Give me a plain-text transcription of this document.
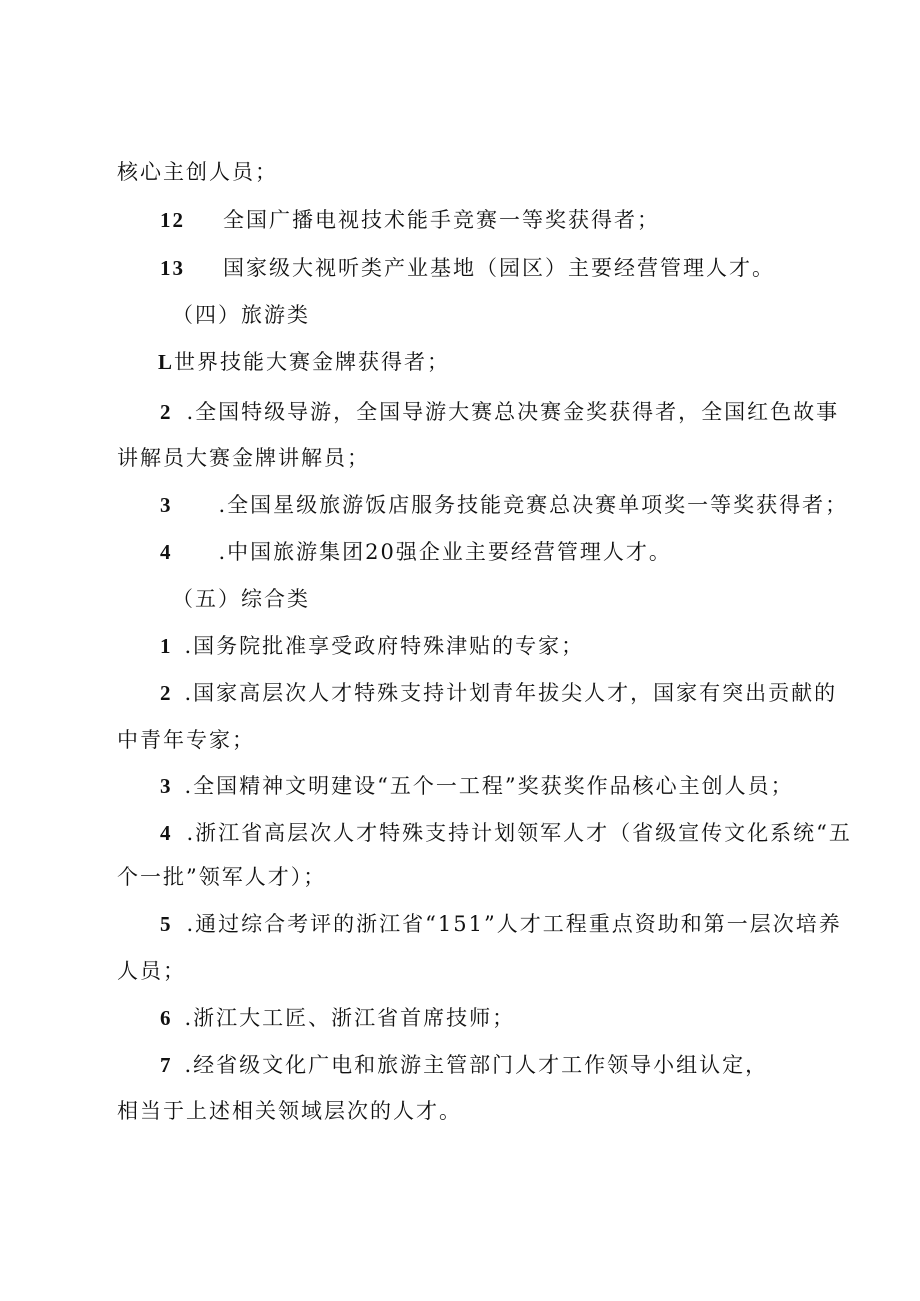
核心主创人员；
12 全国广播电视技术能手竞赛一等奖获得者；
13 国家级大视听类产业基地（园区）主要经营管理人才。
（四）旅游类
L世界技能大赛金牌获得者；
2 .全国特级导游，全国导游大赛总决赛金奖获得者，全国红色故事
讲解员大赛金牌讲解员；
3 .全国星级旅游饭店服务技能竞赛总决赛单项奖一等奖获得者；
4 .中国旅游集团20强企业主要经营管理人才。
（五）综合类
1 .国务院批准享受政府特殊津贴的专家；
2 .国家高层次人才特殊支持计划青年拔尖人才，国家有突出贡献的
中青年专家；
3 .全国精神文明建设“五个一工程”奖获奖作品核心主创人员；
4 .浙江省高层次人才特殊支持计划领军人才（省级宣传文化系统“五
个一批”领军人才）；
5 .通过综合考评的浙江省“151”人才工程重点资助和第一层次培养
人员；
6 .浙江大工匠、浙江省首席技师；
7 .经省级文化广电和旅游主管部门人才工作领导小组认定，
相当于上述相关领域层次的人才。
